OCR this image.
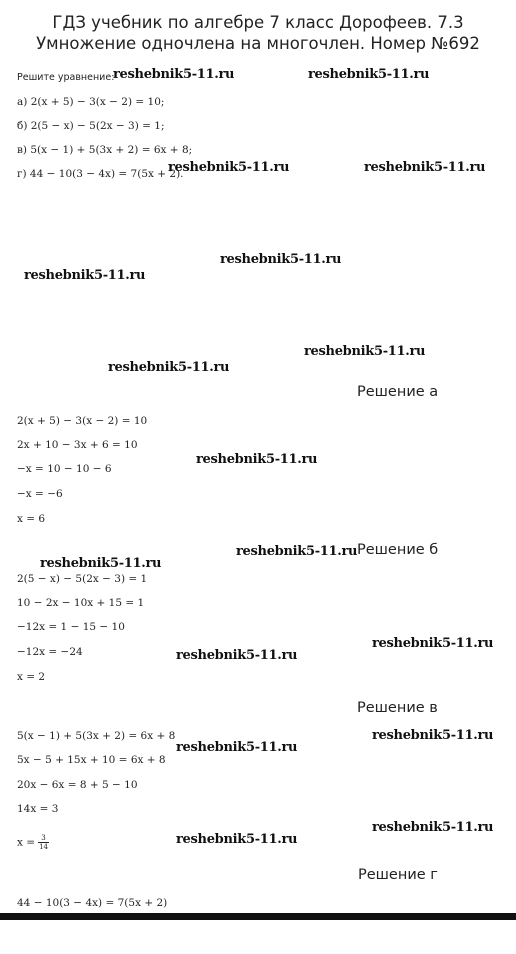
ГДЗ учебник по алгебре 7 класс Дорофеев. 7.3 Умножение одночлена на многочлен. Номер №692
Решите уравнение:
а) 2(x + 5) − 3(x − 2) = 10;
б) 2(5 − x) − 5(2x − 3) = 1;
в) 5(x − 1) + 5(3x + 2) = 6x + 8;
г) 44 − 10(3 − 4x) = 7(5x + 2).
Решение а
2(x + 5) − 3(x − 2) = 10
2x + 10 − 3x + 6 = 10
−x = 10 − 10 − 6
−x = −6
x = 6
Решение б
2(5 − x) − 5(2x − 3) = 1
10 − 2x − 10x + 15 = 1
−12x = 1 − 15 − 10
−12x = −24
x = 2
Решение в
5(x − 1) + 5(3x + 2) = 6x + 8
5x − 5 + 15x + 10 = 6x + 8
20x − 6x = 8 + 5 − 10
14x = 3
$x = \frac{3}{14}$
Решение г
44 − 10(3 − 4x) = 7(5x + 2)
reshebnik5-11.ru	reshebnik5-11.ru
reshebnik5-11.ru	reshebnik5-11.ru
reshebnik5-11.ru
reshebnik5-11.ru
reshebnik5-11.ru
reshebnik5-11.ru
reshebnik5-11.ru
reshebnik5-11.ru
reshebnik5-11.ru
reshebnik5-11.ru
reshebnik5-11.ru
reshebnik5-11.ru
reshebnik5-11.ru
reshebnik5-11.ru
reshebnik5-11.ru
